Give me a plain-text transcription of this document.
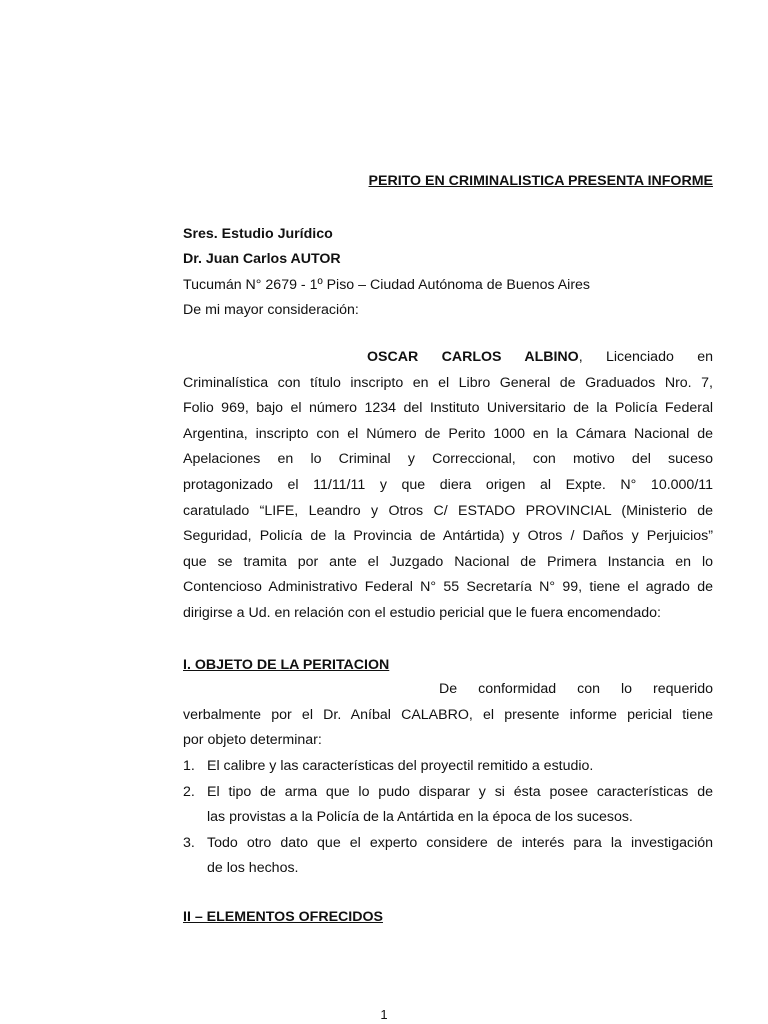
PERITO EN CRIMINALISTICA PRESENTA INFORME
Sres. Estudio Jurídico
Dr. Juan Carlos AUTOR
Tucumán N° 2679 - 1º Piso – Ciudad Autónoma de Buenos Aires
De mi mayor consideración:
OSCAR CARLOS ALBINO, Licenciado en
Criminalística con título inscripto en el Libro General de Graduados Nro. 7,
Folio 969, bajo el número 1234 del Instituto Universitario de la Policía Federal
Argentina, inscripto con el Número de Perito 1000 en la Cámara Nacional de
Apelaciones en lo Criminal y Correccional, con motivo del suceso
protagonizado el 11/11/11 y que diera origen al Expte. N° 10.000/11
caratulado “LIFE, Leandro y Otros C/ ESTADO PROVINCIAL (Ministerio de
Seguridad, Policía de la Provincia de Antártida) y Otros / Daños y Perjuicios”
que se tramita por ante el Juzgado Nacional de Primera Instancia en lo
Contencioso Administrativo Federal N° 55 Secretaría N° 99, tiene el agrado de
dirigirse a Ud. en relación con el estudio pericial que le fuera encomendado:
I. OBJETO DE LA PERITACION
De conformidad con lo requerido
verbalmente por el Dr. Aníbal CALABRO, el presente informe pericial tiene
por objeto determinar:
1. El calibre y las características del proyectil remitido a estudio.
2. El tipo de arma que lo pudo disparar y si ésta posee características de
las provistas a la Policía de la Antártida en la época de los sucesos.
3. Todo otro dato que el experto considere de interés para la investigación
de los hechos.
II – ELEMENTOS OFRECIDOS
1
